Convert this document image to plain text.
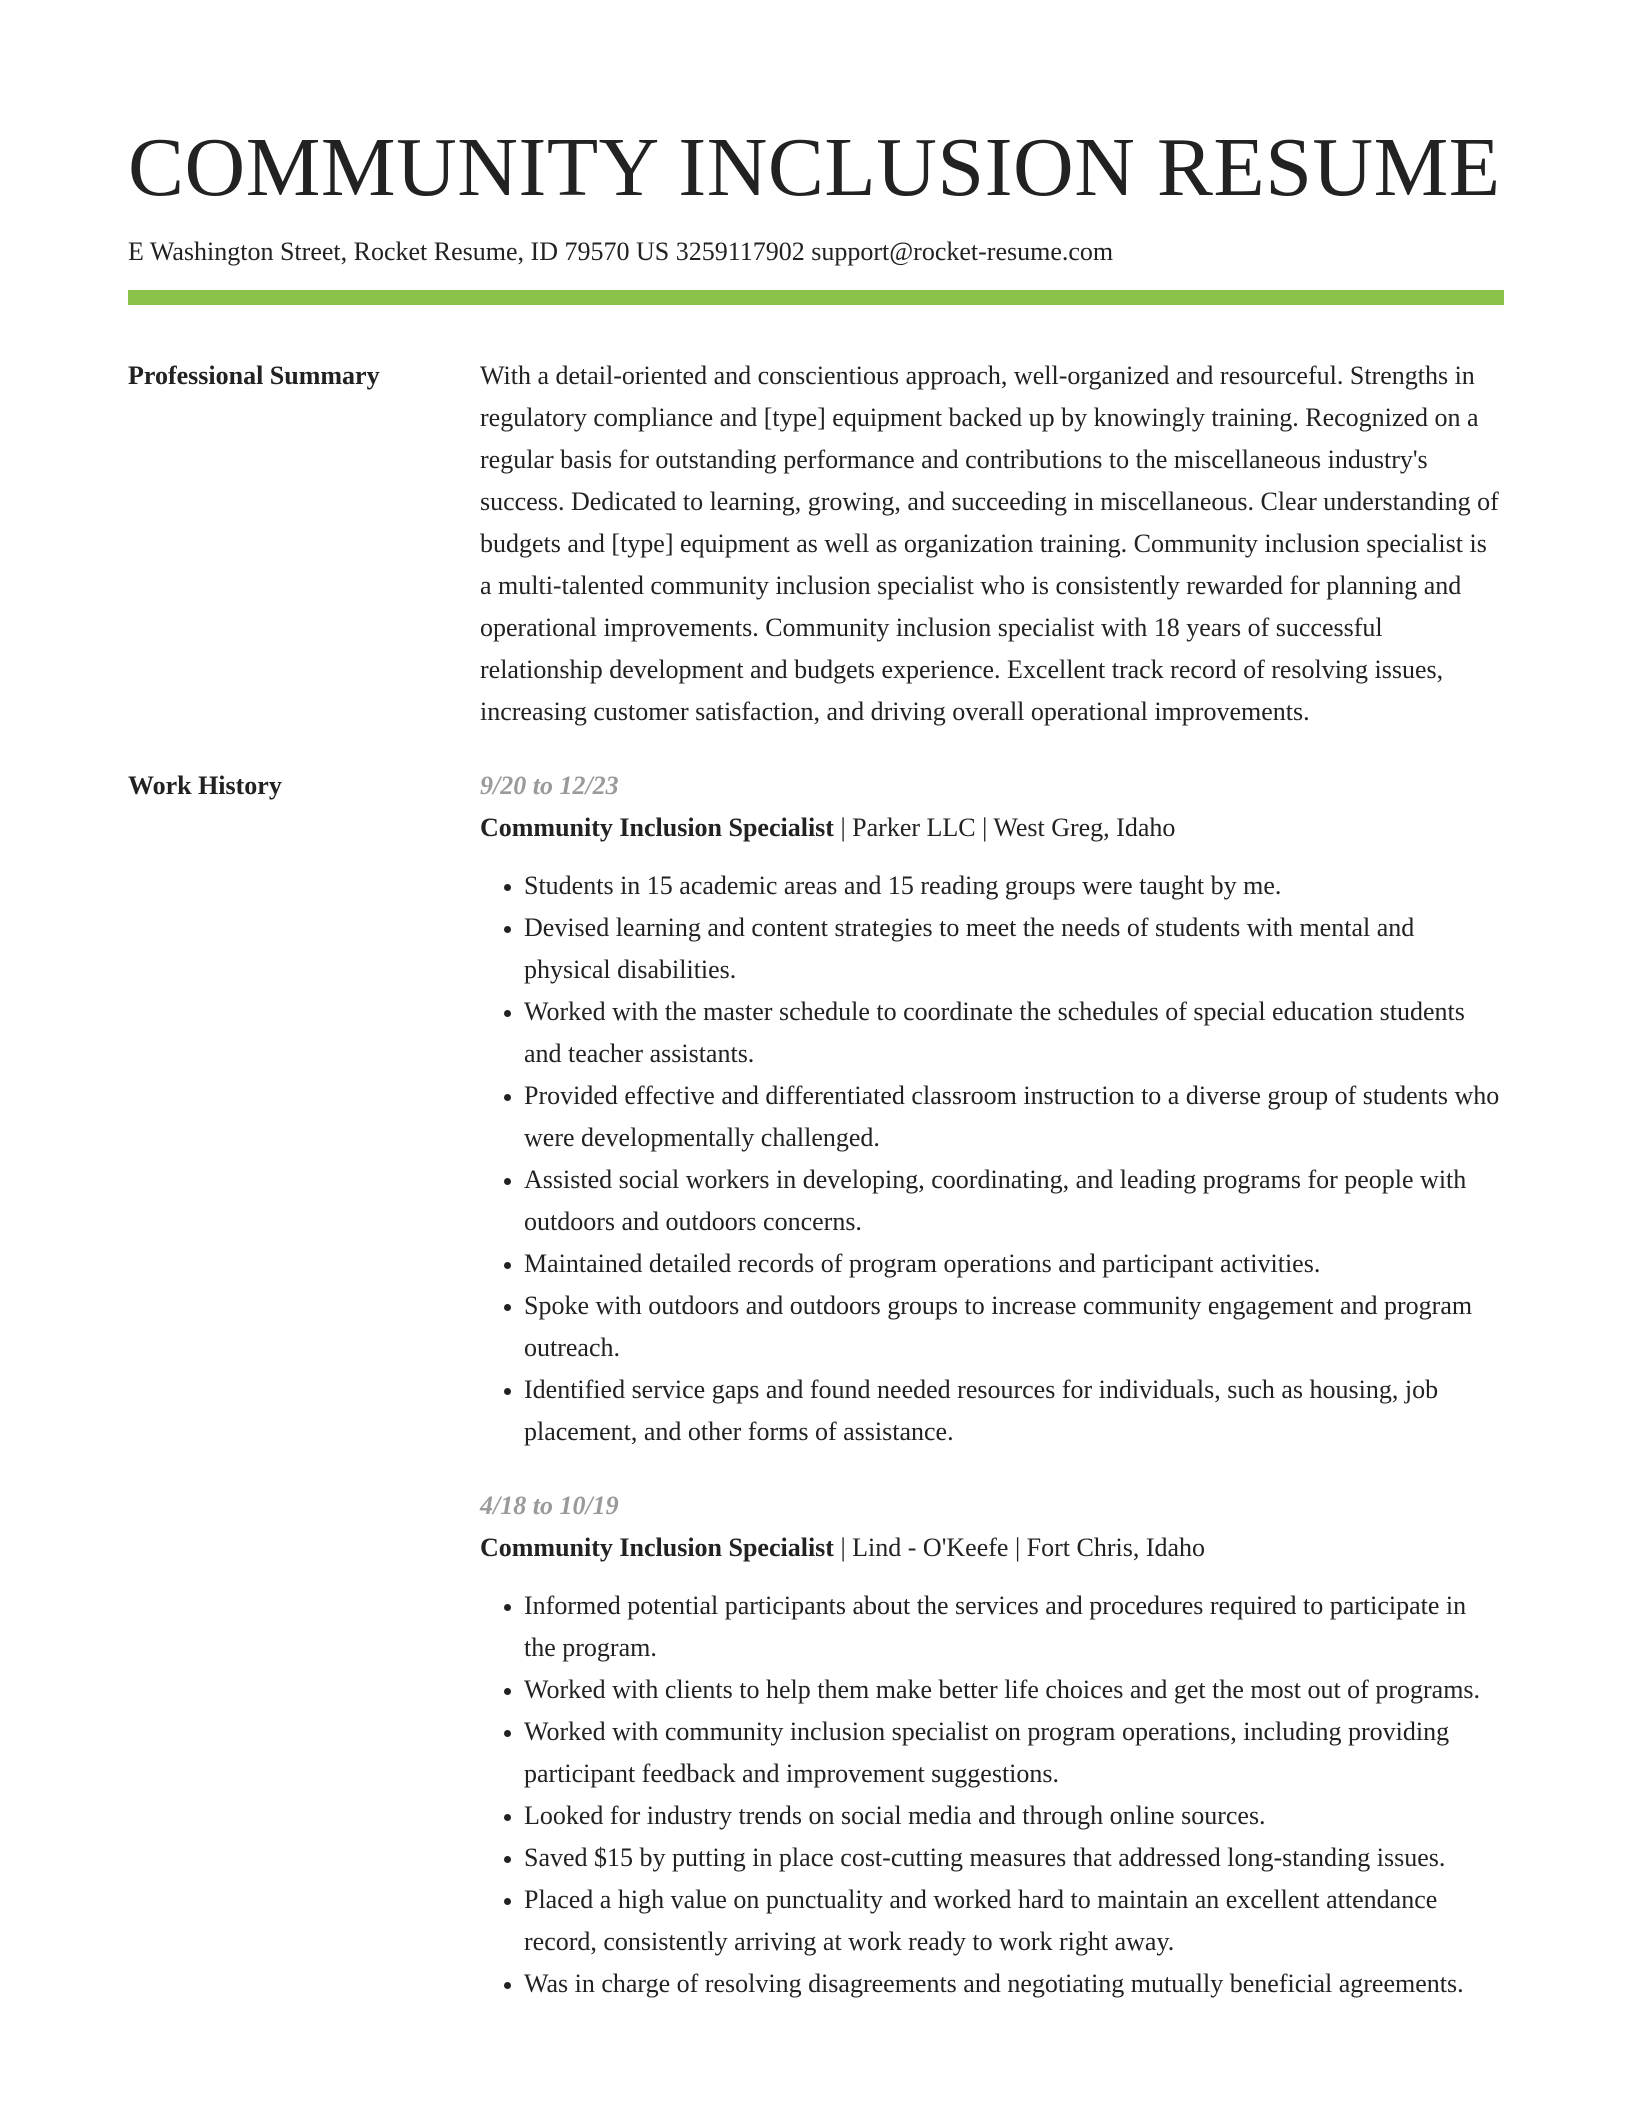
COMMUNITY INCLUSION RESUME
E Washington Street, Rocket Resume, ID 79570 US 3259117902 support@rocket-resume.com
Professional Summary	With a detail-oriented and conscientious approach, well-organized and resourceful. Strengths in regulatory compliance and [type] equipment backed up by knowingly training. Recognized on a regular basis for outstanding performance and contributions to the miscellaneous industry's success. Dedicated to learning, growing, and succeeding in miscellaneous. Clear understanding of budgets and [type] equipment as well as organization training. Community inclusion specialist is a multi-talented community inclusion specialist who is consistently rewarded for planning and operational improvements. Community inclusion specialist with 18 years of successful relationship development and budgets experience. Excellent track record of resolving issues, increasing customer satisfaction, and driving overall operational improvements.

Work History	9/20 to 12/23
Community Inclusion Specialist | Parker LLC | West Greg, Idaho
• Students in 15 academic areas and 15 reading groups were taught by me.
• Devised learning and content strategies to meet the needs of students with mental and physical disabilities.
• Worked with the master schedule to coordinate the schedules of special education students and teacher assistants.
• Provided effective and differentiated classroom instruction to a diverse group of students who were developmentally challenged.
• Assisted social workers in developing, coordinating, and leading programs for people with outdoors and outdoors concerns.
• Maintained detailed records of program operations and participant activities.
• Spoke with outdoors and outdoors groups to increase community engagement and program outreach.
• Identified service gaps and found needed resources for individuals, such as housing, job placement, and other forms of assistance.
4/18 to 10/19
Community Inclusion Specialist | Lind - O'Keefe | Fort Chris, Idaho
• Informed potential participants about the services and procedures required to participate in the program.
• Worked with clients to help them make better life choices and get the most out of programs.
• Worked with community inclusion specialist on program operations, including providing participant feedback and improvement suggestions.
• Looked for industry trends on social media and through online sources.
• Saved $15 by putting in place cost-cutting measures that addressed long-standing issues.
• Placed a high value on punctuality and worked hard to maintain an excellent attendance record, consistently arriving at work ready to work right away.
• Was in charge of resolving disagreements and negotiating mutually beneficial agreements.
